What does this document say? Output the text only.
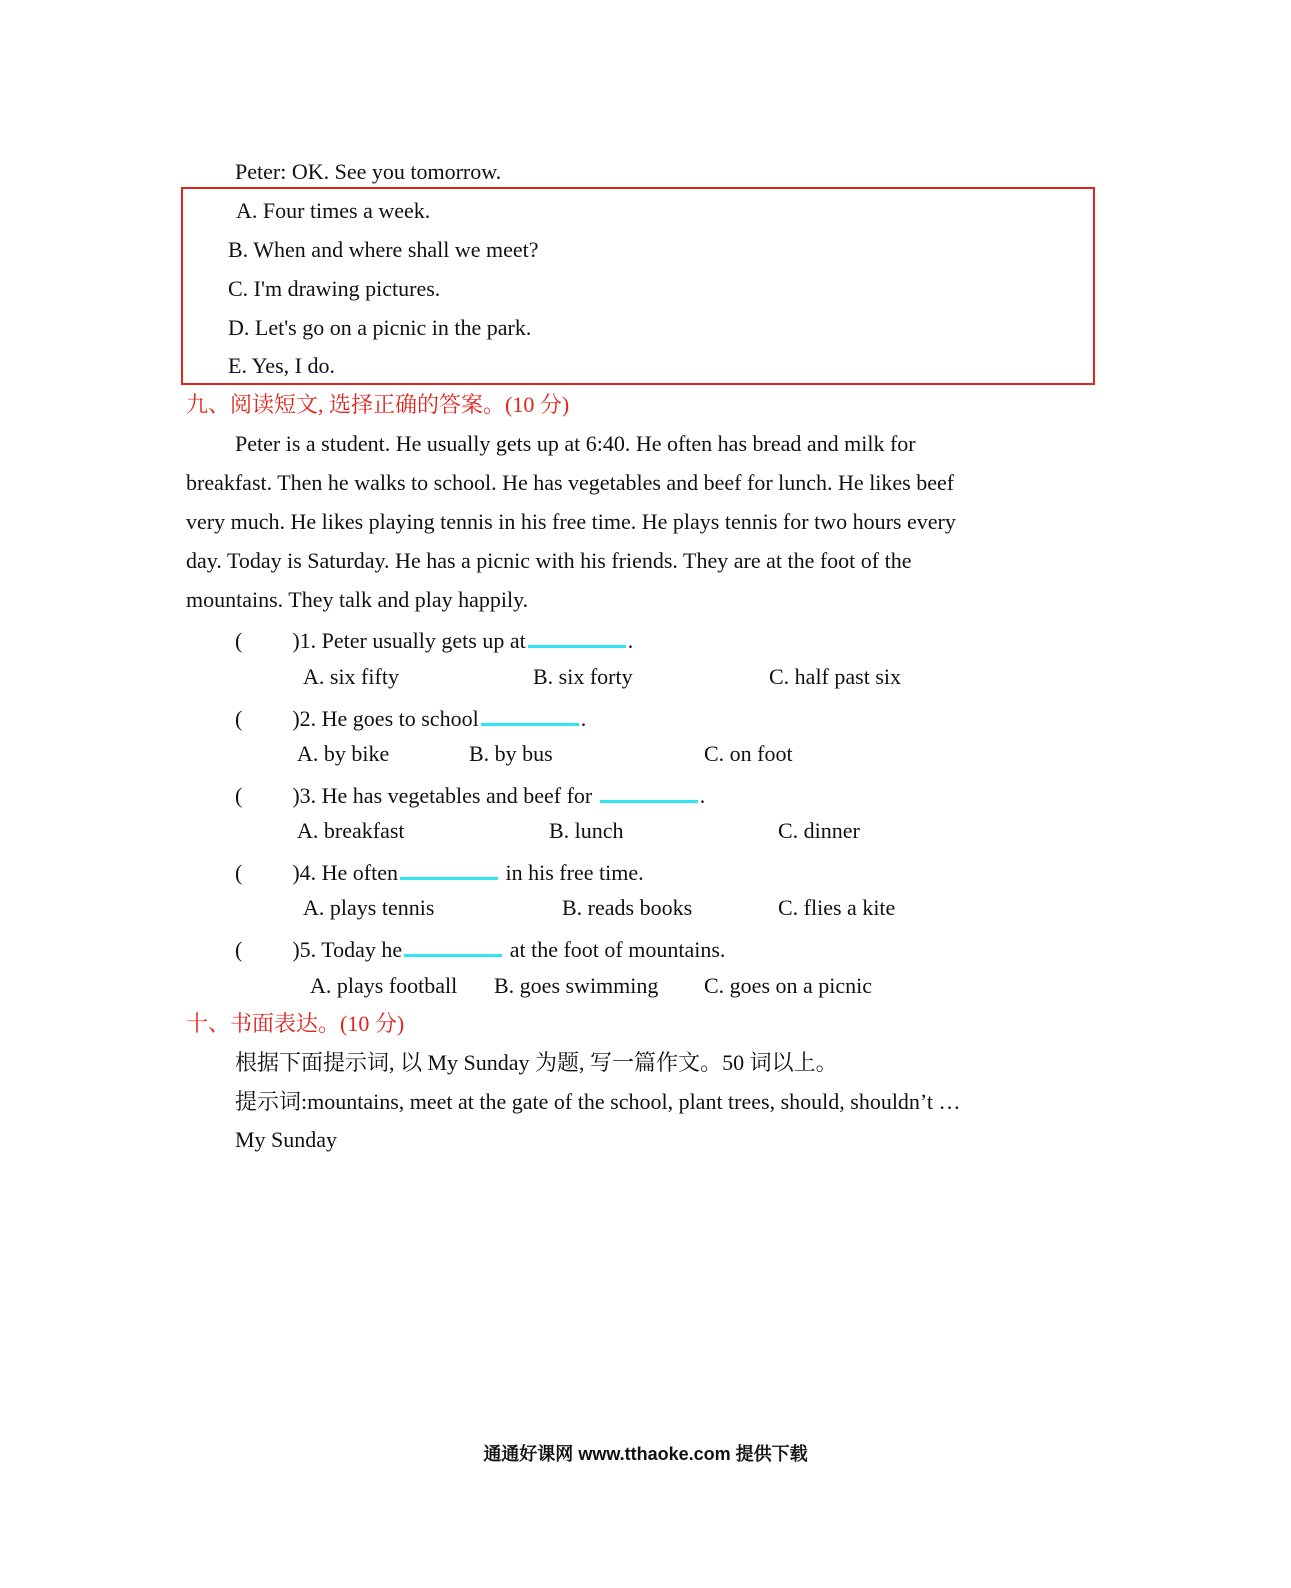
Peter: OK. See you tomorrow.
A. Four times a week.
B. When and where shall we meet?
C. I'm drawing pictures.
D. Let's go on a picnic in the park.
E. Yes, I do.
九、阅读短文, 选择正确的答案。(10 分)
Peter is a student. He usually gets up at 6:40. He often has bread and milk for
breakfast. Then he walks to school. He has vegetables and beef for lunch. He likes beef
very much. He likes playing tennis in his free time. He plays tennis for two hours every
day. Today is Saturday. He has a picnic with his friends. They are at the foot of the
mountains. They talk and play happily.
( )1. Peter usually gets up at	.
A. six fifty	B. six forty	C. half past six
( )2. He goes to school	.
A. by bike	B. by bus	C. on foot
( )3. He has vegetables and beef for	.
A. breakfast	B. lunch	C. dinner
( )4. He often	in his free time.
A. plays tennis	B. reads books	C. flies a kite
( )5. Today he	at the foot of mountains.
A. plays football B. goes swimming C. goes on a picnic
十、书面表达。(10 分)
根据下面提示词, 以 My Sunday 为题, 写一篇作文。50 词以上。
提示词:mountains, meet at the gate of the school, plant trees, should, shouldn’t …
My Sunday
通通好课网 www.tthaoke.com 提供下载
